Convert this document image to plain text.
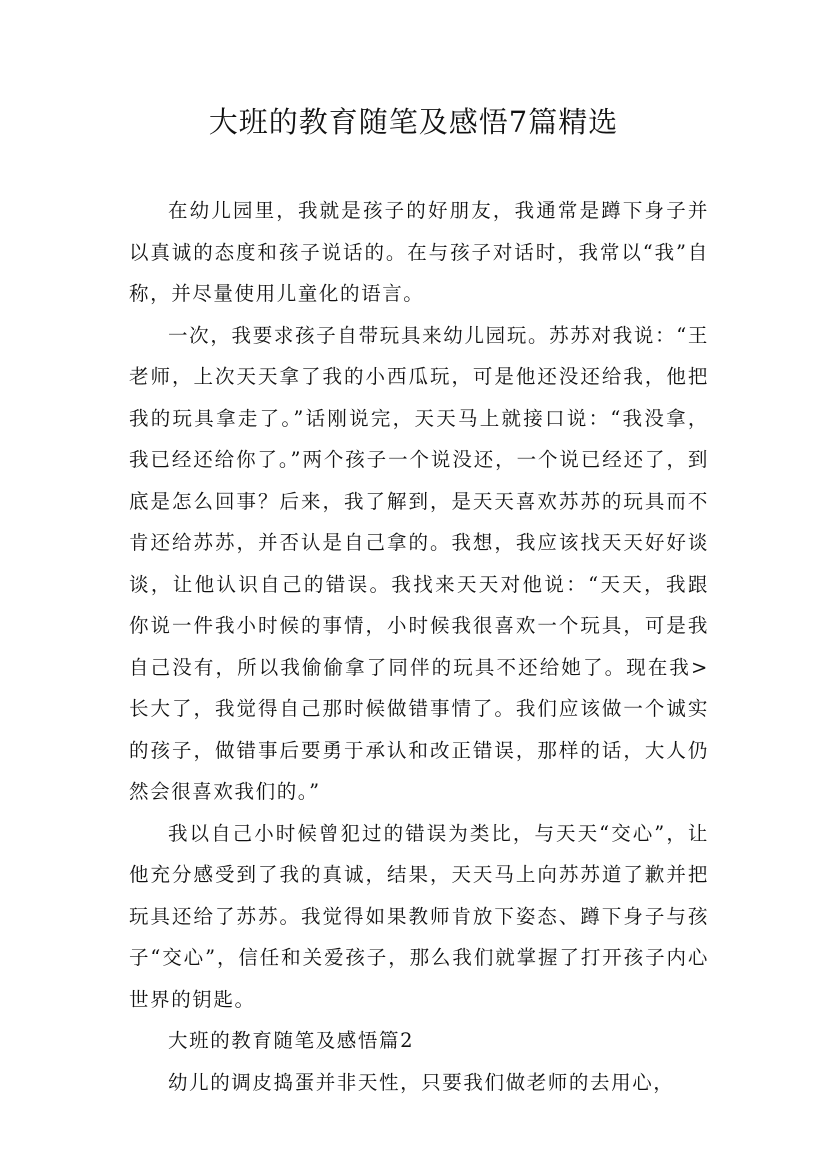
大班的教育随笔及感悟7篇精选

在幼儿园里，我就是孩子的好朋友，我通常是蹲下身子并以真诚的态度和孩子说话的。在与孩子对话时，我常以“我”自称，并尽量使用儿童化的语言。

一次，我要求孩子自带玩具来幼儿园玩。苏苏对我说：“王老师，上次天天拿了我的小西瓜玩，可是他还没还给我，他把我的玩具拿走了。”话刚说完，天天马上就接口说：“我没拿，我已经还给你了。”两个孩子一个说没还，一个说已经还了，到底是怎么回事？后来，我了解到，是天天喜欢苏苏的玩具而不肯还给苏苏，并否认是自己拿的。我想，我应该找天天好好谈谈，让他认识自己的错误。我找来天天对他说：“天天，我跟你说一件我小时候的事情，小时候我很喜欢一个玩具，可是我自己没有，所以我偷偷拿了同伴的玩具不还给她了。现在我>长大了，我觉得自己那时候做错事情了。我们应该做一个诚实的孩子，做错事后要勇于承认和改正错误，那样的话，大人仍然会很喜欢我们的。”

我以自己小时候曾犯过的错误为类比，与天天“交心”，让他充分感受到了我的真诚，结果，天天马上向苏苏道了歉并把玩具还给了苏苏。我觉得如果教师肯放下姿态、蹲下身子与孩子“交心”，信任和关爱孩子，那么我们就掌握了打开孩子内心世界的钥匙。

大班的教育随笔及感悟篇2

幼儿的调皮捣蛋并非天性，只要我们做老师的去用心，
